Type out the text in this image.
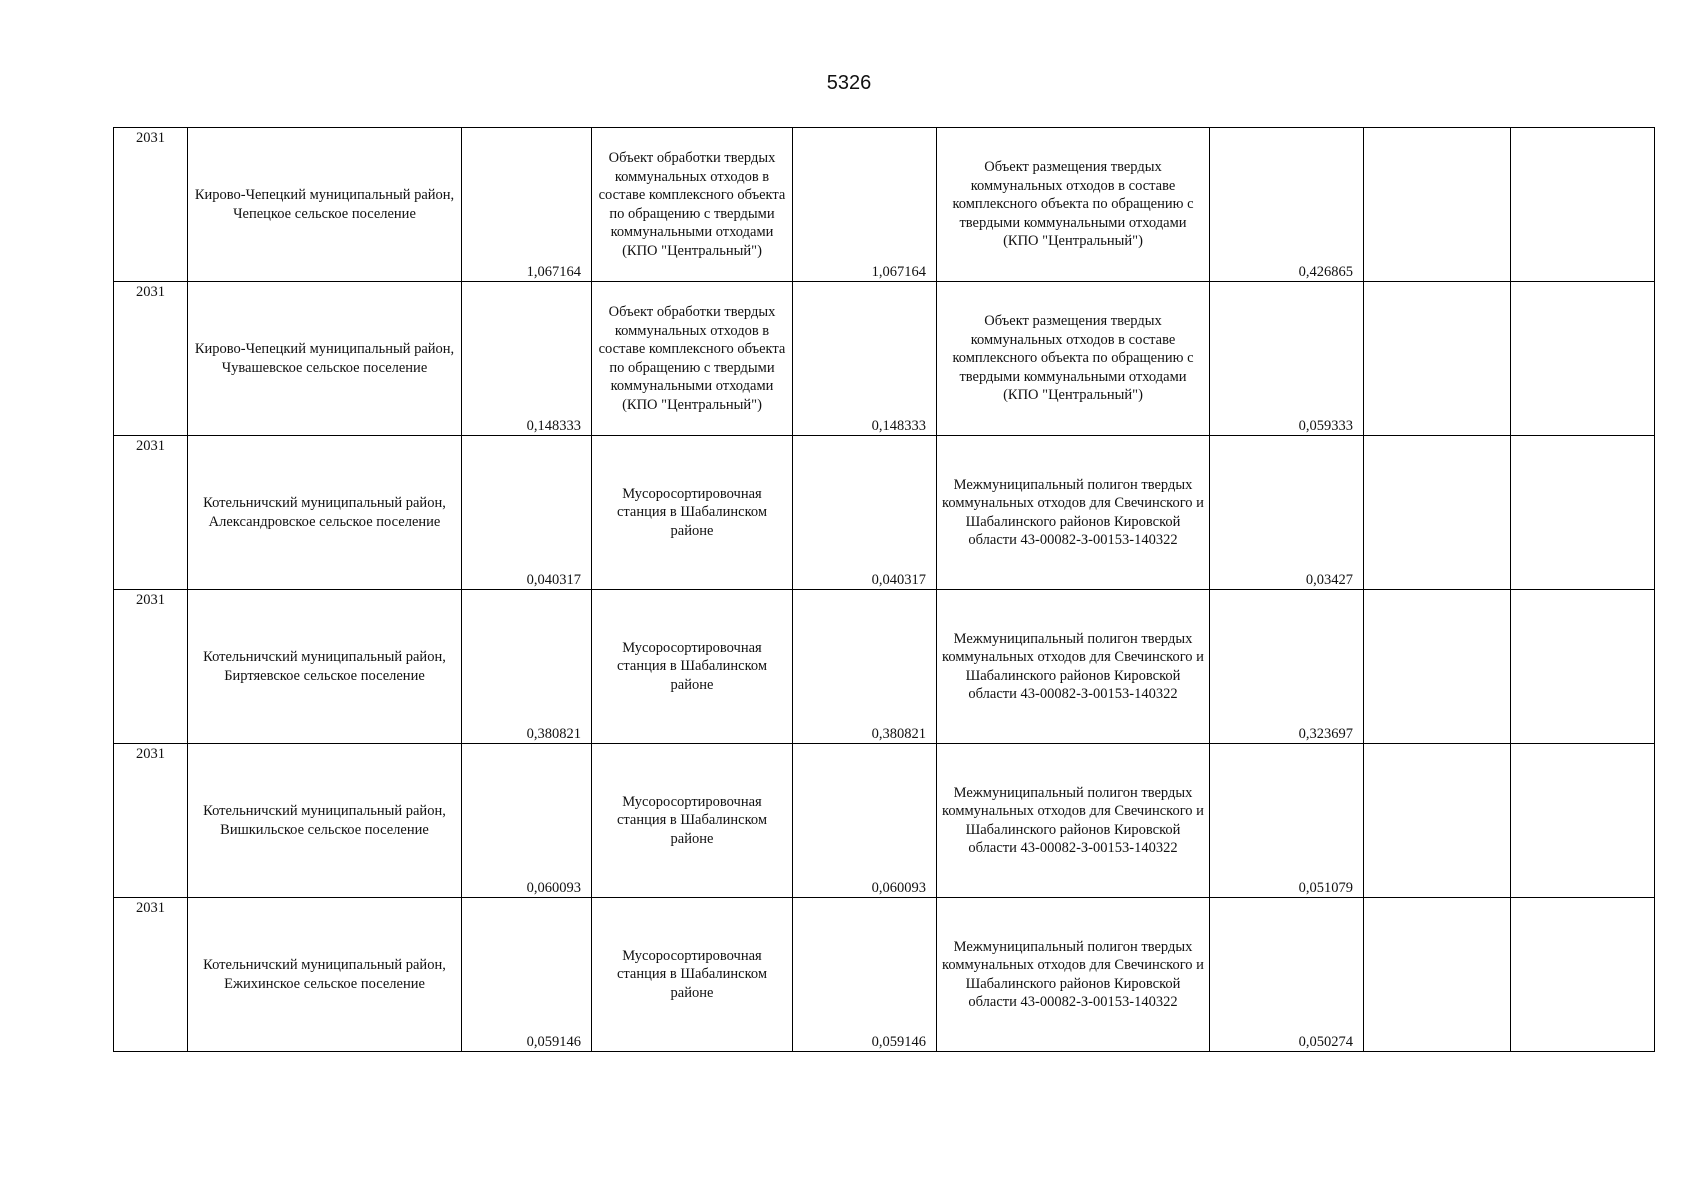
5326
2031	Кирово-Чепецкий муниципальный район, Чепецкое сельское поселение	1,067164	Объект обработки твердых коммунальных отходов в составе комплексного объекта по обращению с твердыми коммунальными отходами (КПО "Центральный")	1,067164	Объект размещения твердых коммунальных отходов в составе комплексного объекта по обращению с твердыми коммунальными отходами (КПО "Центральный")	0,426865		
2031	Кирово-Чепецкий муниципальный район, Чувашевское сельское поселение	0,148333	Объект обработки твердых коммунальных отходов в составе комплексного объекта по обращению с твердыми коммунальными отходами (КПО "Центральный")	0,148333	Объект размещения твердых коммунальных отходов в составе комплексного объекта по обращению с твердыми коммунальными отходами (КПО "Центральный")	0,059333		
2031	Котельничский муниципальный район, Александровское сельское поселение	0,040317	Мусоросортировочная станция в Шабалинском районе	0,040317	Межмуниципальный полигон твердых коммунальных отходов для Свечинского и Шабалинского районов Кировской области 43-00082-З-00153-140322	0,03427		
2031	Котельничский муниципальный район, Биртяевское сельское поселение	0,380821	Мусоросортировочная станция в Шабалинском районе	0,380821	Межмуниципальный полигон твердых коммунальных отходов для Свечинского и Шабалинского районов Кировской области 43-00082-З-00153-140322	0,323697		
2031	Котельничский муниципальный район, Вишкильское сельское поселение	0,060093	Мусоросортировочная станция в Шабалинском районе	0,060093	Межмуниципальный полигон твердых коммунальных отходов для Свечинского и Шабалинского районов Кировской области 43-00082-З-00153-140322	0,051079		
2031	Котельничский муниципальный район, Ежихинское сельское поселение	0,059146	Мусоросортировочная станция в Шабалинском районе	0,059146	Межмуниципальный полигон твердых коммунальных отходов для Свечинского и Шабалинского районов Кировской области 43-00082-З-00153-140322	0,050274		
